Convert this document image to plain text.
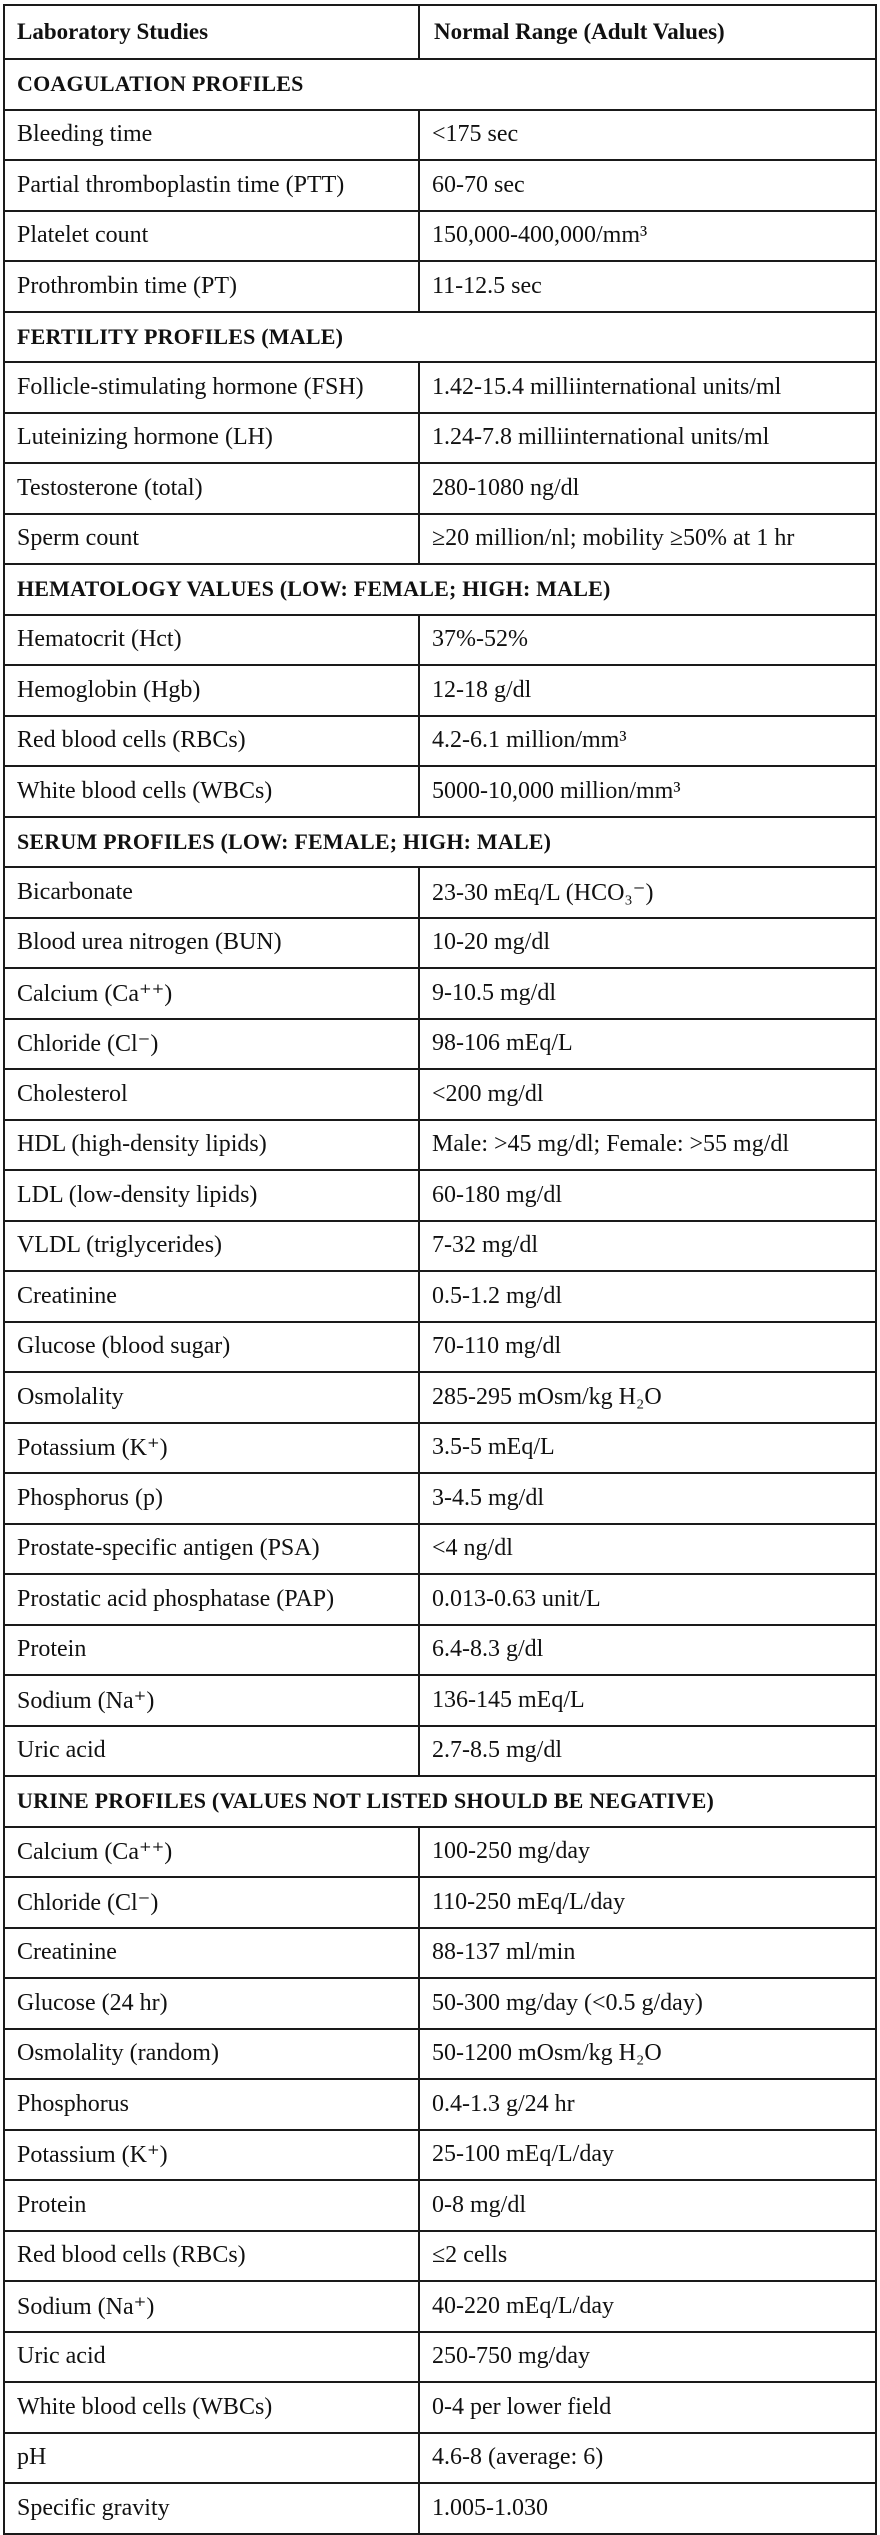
Laboratory Studies	Normal Range (Adult Values)
COAGULATION PROFILES	
Bleeding time	<175 sec
Partial thromboplastin time (PTT)	60-70 sec
Platelet count	150,000-400,000/mm³
Prothrombin time (PT)	11-12.5 sec
FERTILITY PROFILES (MALE)	
Follicle-stimulating hormone (FSH)	1.42-15.4 milliinternational units/ml
Luteinizing hormone (LH)	1.24-7.8 milliinternational units/ml
Testosterone (total)	280-1080 ng/dl
Sperm count	≥20 million/nl; mobility ≥50% at 1 hr
HEMATOLOGY VALUES (LOW: FEMALE; HIGH: MALE)	
Hematocrit (Hct)	37%-52%
Hemoglobin (Hgb)	12-18 g/dl
Red blood cells (RBCs)	4.2-6.1 million/mm³
White blood cells (WBCs)	5000-10,000 million/mm³
SERUM PROFILES (LOW: FEMALE; HIGH: MALE)	
Bicarbonate	23-30 mEq/L (HCO₃⁻)
Blood urea nitrogen (BUN)	10-20 mg/dl
Calcium (Ca⁺⁺)	9-10.5 mg/dl
Chloride (Cl⁻)	98-106 mEq/L
Cholesterol	<200 mg/dl
HDL (high-density lipids)	Male: >45 mg/dl; Female: >55 mg/dl
LDL (low-density lipids)	60-180 mg/dl
VLDL (triglycerides)	7-32 mg/dl
Creatinine	0.5-1.2 mg/dl
Glucose (blood sugar)	70-110 mg/dl
Osmolality	285-295 mOsm/kg H₂O
Potassium (K⁺)	3.5-5 mEq/L
Phosphorus (p)	3-4.5 mg/dl
Prostate-specific antigen (PSA)	<4 ng/dl
Prostatic acid phosphatase (PAP)	0.013-0.63 unit/L
Protein	6.4-8.3 g/dl
Sodium (Na⁺)	136-145 mEq/L
Uric acid	2.7-8.5 mg/dl
URINE PROFILES (VALUES NOT LISTED SHOULD BE NEGATIVE)	
Calcium (Ca⁺⁺)	100-250 mg/day
Chloride (Cl⁻)	110-250 mEq/L/day
Creatinine	88-137 ml/min
Glucose (24 hr)	50-300 mg/day (<0.5 g/day)
Osmolality (random)	50-1200 mOsm/kg H₂O
Phosphorus	0.4-1.3 g/24 hr
Potassium (K⁺)	25-100 mEq/L/day
Protein	0-8 mg/dl
Red blood cells (RBCs)	≤2 cells
Sodium (Na⁺)	40-220 mEq/L/day
Uric acid	250-750 mg/day
White blood cells (WBCs)	0-4 per lower field
pH	4.6-8 (average: 6)
Specific gravity	1.005-1.030
